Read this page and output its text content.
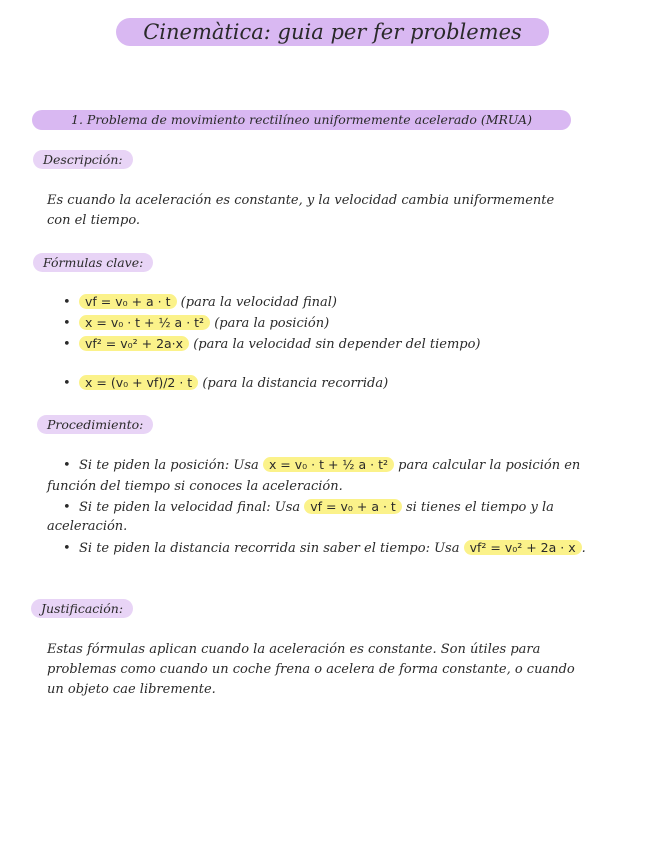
Cinemàtica: guia per fer problemes
1. Problema de movimiento rectilíneo uniformemente acelerado (MRUA)
Descripción:
Es cuando la aceleración es constante, y la velocidad cambia uniformemente
con el tiempo.
Fórmulas clave:
• vf = v₀ + a · t (para la velocidad final)
• x = v₀ · t + ½ a · t² (para la posición)
• vf² = v₀² + 2a·x (para la velocidad sin depender del tiempo)
• x = (v₀ + vf)/2 · t (para la distancia recorrida)
Procedimiento:
• Si te piden la posición: Usa x = v₀ · t + ½ a · t² para calcular la posición en
función del tiempo si conoces la aceleración.
• Si te piden la velocidad final: Usa vf = v₀ + a · t si tienes el tiempo y la
aceleración.
• Si te piden la distancia recorrida sin saber el tiempo: Usa vf² = v₀² + 2a · x .
Justificación:
Estas fórmulas aplican cuando la aceleración es constante. Son útiles para
problemas como cuando un coche frena o acelera de forma constante, o cuando
un objeto cae libremente.
